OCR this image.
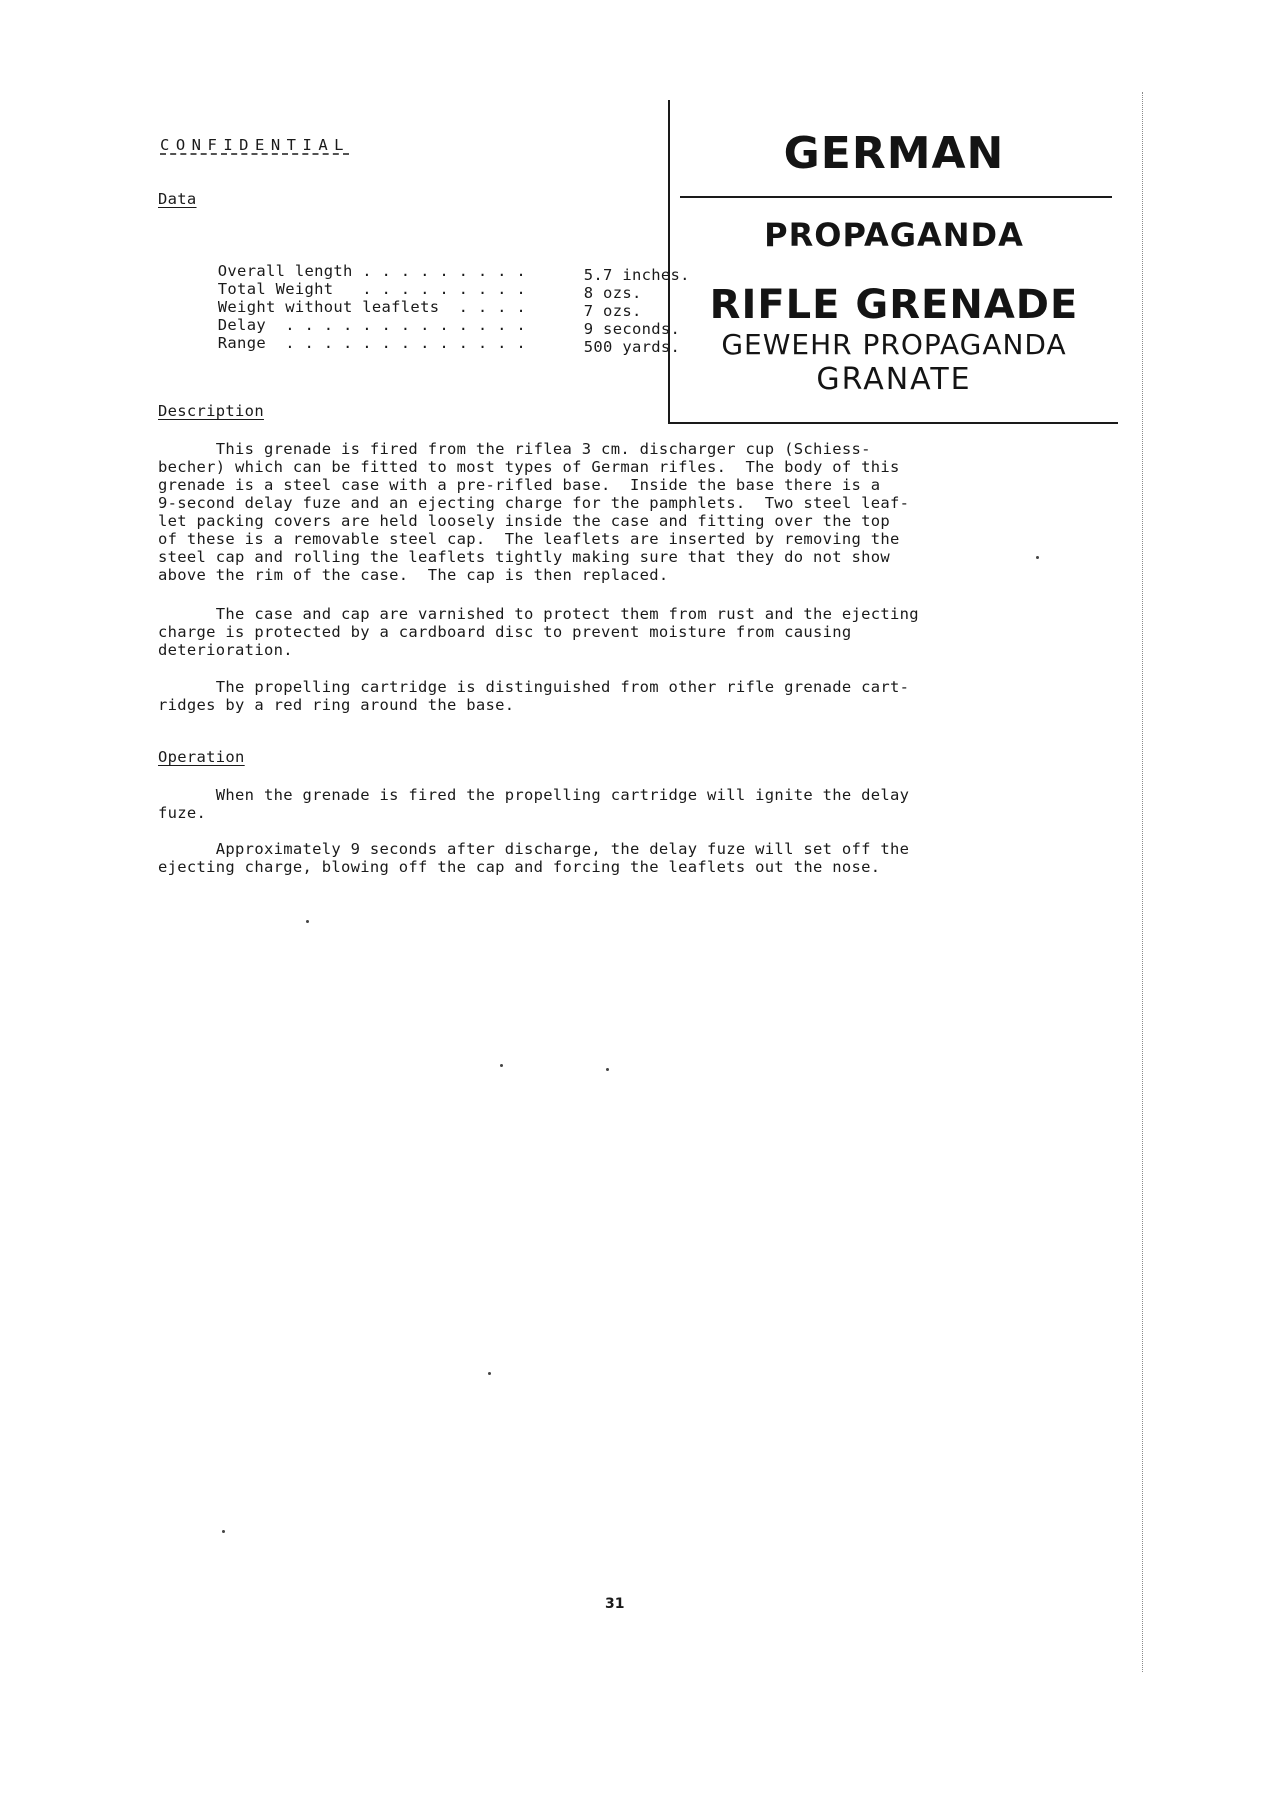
CONFIDENTIAL
Data

Overall length . . . . . . . . .	5.7 inches.

Total Weight   . . . . . . . . .	8 ozs.

Weight without leaflets  . . . .	7 ozs.

Delay  . . . . . . . . . . . . .	9 seconds.

Range  . . . . . . . . . . . . .	500 yards.

GERMAN
PROPAGANDA
RIFLE GRENADE
GEWEHR PROPAGANDA
GRANATE
Description

This grenade is fired from the riflea 3 cm. discharger cup (Schiess-

becher) which can be fitted to most types of German rifles.  The body of this

grenade is a steel case with a pre-rifled base.  Inside the base there is a

9-second delay fuze and an ejecting charge for the pamphlets.  Two steel leaf-

let packing covers are held loosely inside the case and fitting over the top

of these is a removable steel cap.  The leaflets are inserted by removing the

steel cap and rolling the leaflets tightly making sure that they do not show

above the rim of the case.  The cap is then replaced.

The case and cap are varnished to protect them from rust and the ejecting

charge is protected by a cardboard disc to prevent moisture from causing

deterioration.

The propelling cartridge is distinguished from other rifle grenade cart-

ridges by a red ring around the base.

Operation

When the grenade is fired the propelling cartridge will ignite the delay

fuze.

Approximately 9 seconds after discharge, the delay fuze will set off the

ejecting charge, blowing off the cap and forcing the leaflets out the nose.

31
